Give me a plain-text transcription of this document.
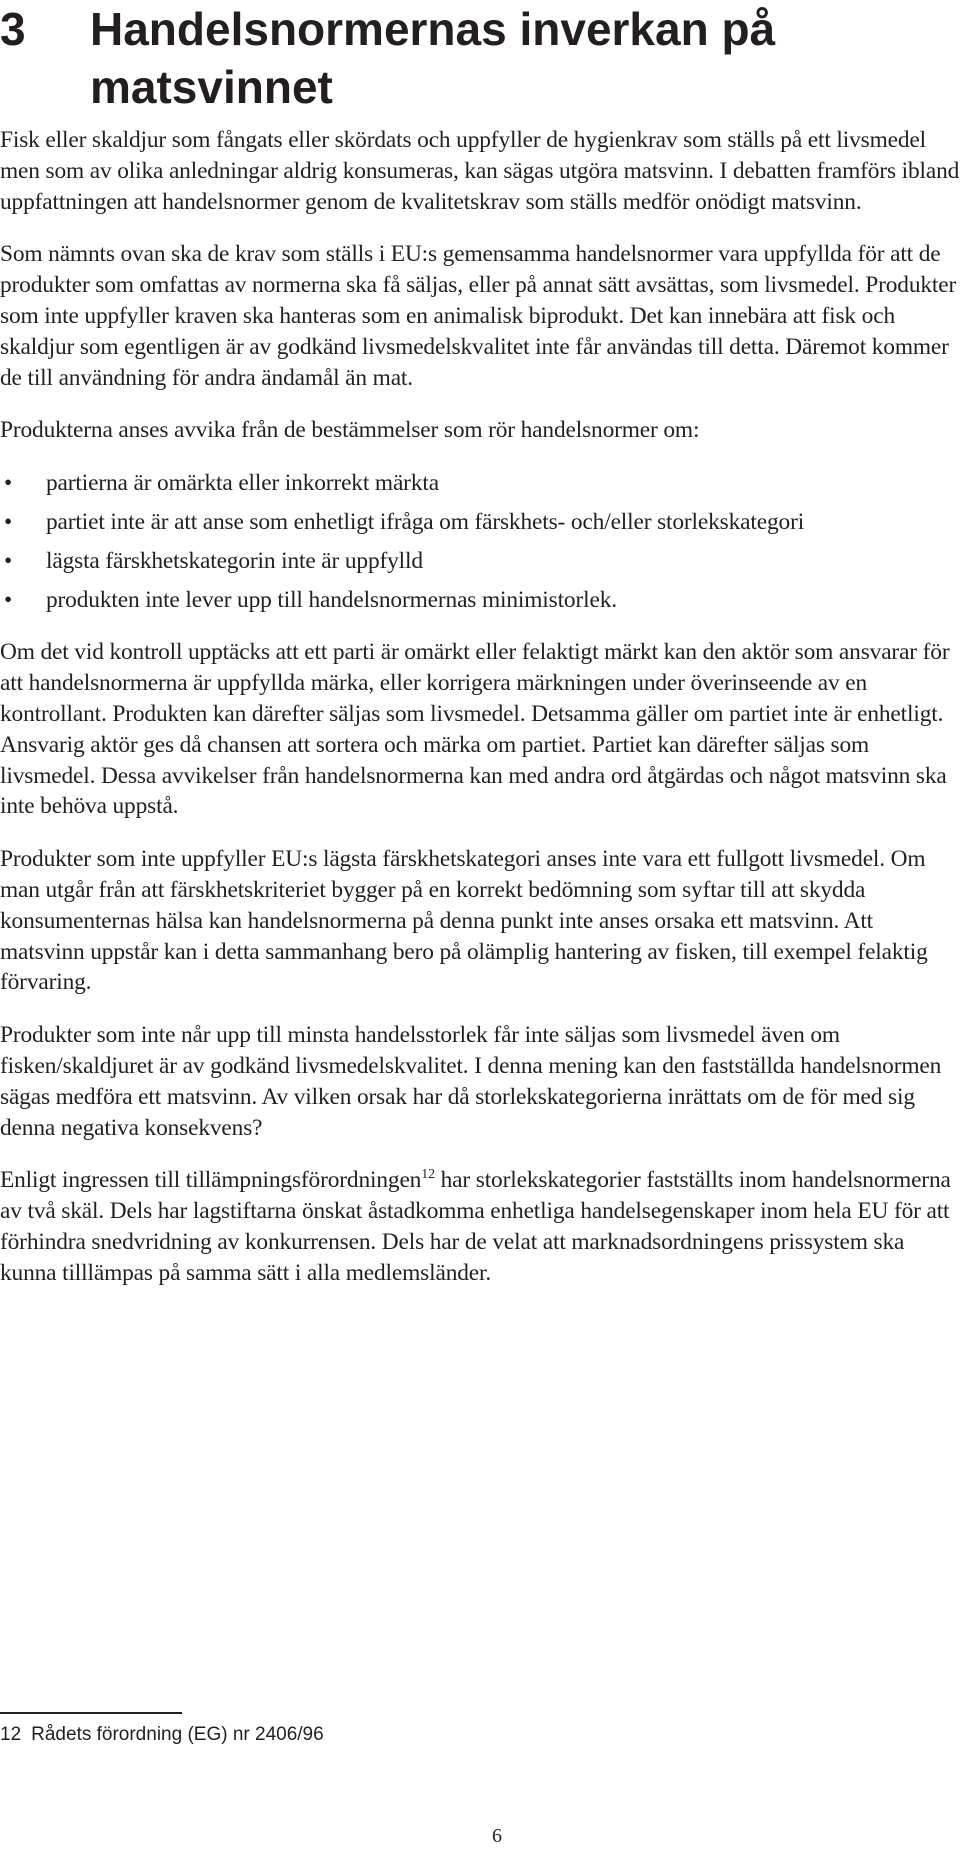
3 Handelsnormernas inverkan på matsvinnet

Fisk eller skaldjur som fångats eller skördats och uppfyller de hygienkrav som ställs på ett livsmedel men som av olika anledningar aldrig konsumeras, kan sägas utgöra matsvinn. I debatten framförs ibland uppfattningen att handelsnormer genom de kvalitetskrav som ställs medför onödigt matsvinn.

Som nämnts ovan ska de krav som ställs i EU:s gemensamma handelsnormer vara uppfyllda för att de produkter som omfattas av normerna ska få säljas, eller på annat sätt avsättas, som livsmedel. Produkter som inte uppfyller kraven ska hanteras som en animalisk biprodukt. Det kan innebära att fisk och skaldjur som egentligen är av godkänd livsmedelskvalitet inte får användas till detta. Däremot kommer de till användning för andra ändamål än mat.

Produkterna anses avvika från de bestämmelser som rör handelsnormer om:

• partierna är omärkta eller inkorrekt märkta
• partiet inte är att anse som enhetligt ifråga om färskhets- och/eller storlekskategori
• lägsta färskhetskategorin inte är uppfylld
• produkten inte lever upp till handelsnormernas minimistorlek.

Om det vid kontroll upptäcks att ett parti är omärkt eller felaktigt märkt kan den aktör som ansvarar för att handelsnormerna är uppfyllda märka, eller korrigera märkningen under överinseende av en kontrollant. Produkten kan därefter säljas som livsmedel. Detsamma gäller om partiet inte är enhetligt. Ansvarig aktör ges då chansen att sortera och märka om partiet. Partiet kan därefter säljas som livsmedel. Dessa avvikelser från handelsnormerna kan med andra ord åtgärdas och något matsvinn ska inte behöva uppstå.

Produkter som inte uppfyller EU:s lägsta färskhetskategori anses inte vara ett fullgott livsmedel. Om man utgår från att färskhetskriteriet bygger på en korrekt bedömning som syftar till att skydda konsumenternas hälsa kan handelsnormerna på denna punkt inte anses orsaka ett matsvinn. Att matsvinn uppstår kan i detta sammanhang bero på olämplig hantering av fisken, till exempel felaktig förvaring.

Produkter som inte når upp till minsta handelsstorlek får inte säljas som livsmedel även om fisken/skaldjuret är av godkänd livsmedelskvalitet. I denna mening kan den fastställda handelsnormen sägas medföra ett matsvinn. Av vilken orsak har då storlekskategorierna inrättats om de för med sig denna negativa konsekvens?

Enligt ingressen till tillämpningsförordningen$^{12}$ har storlekskategorier fastställts inom handelsnormerna av två skäl. Dels har lagstiftarna önskat åstadkomma enhetliga handelsegenskaper inom hela EU för att förhindra snedvridning av konkurrensen. Dels har de velat att marknadsordningens prissystem ska kunna tilllämpas på samma sätt i alla medlemsländer.

12 Rådets förordning (EG) nr 2406/96
6
